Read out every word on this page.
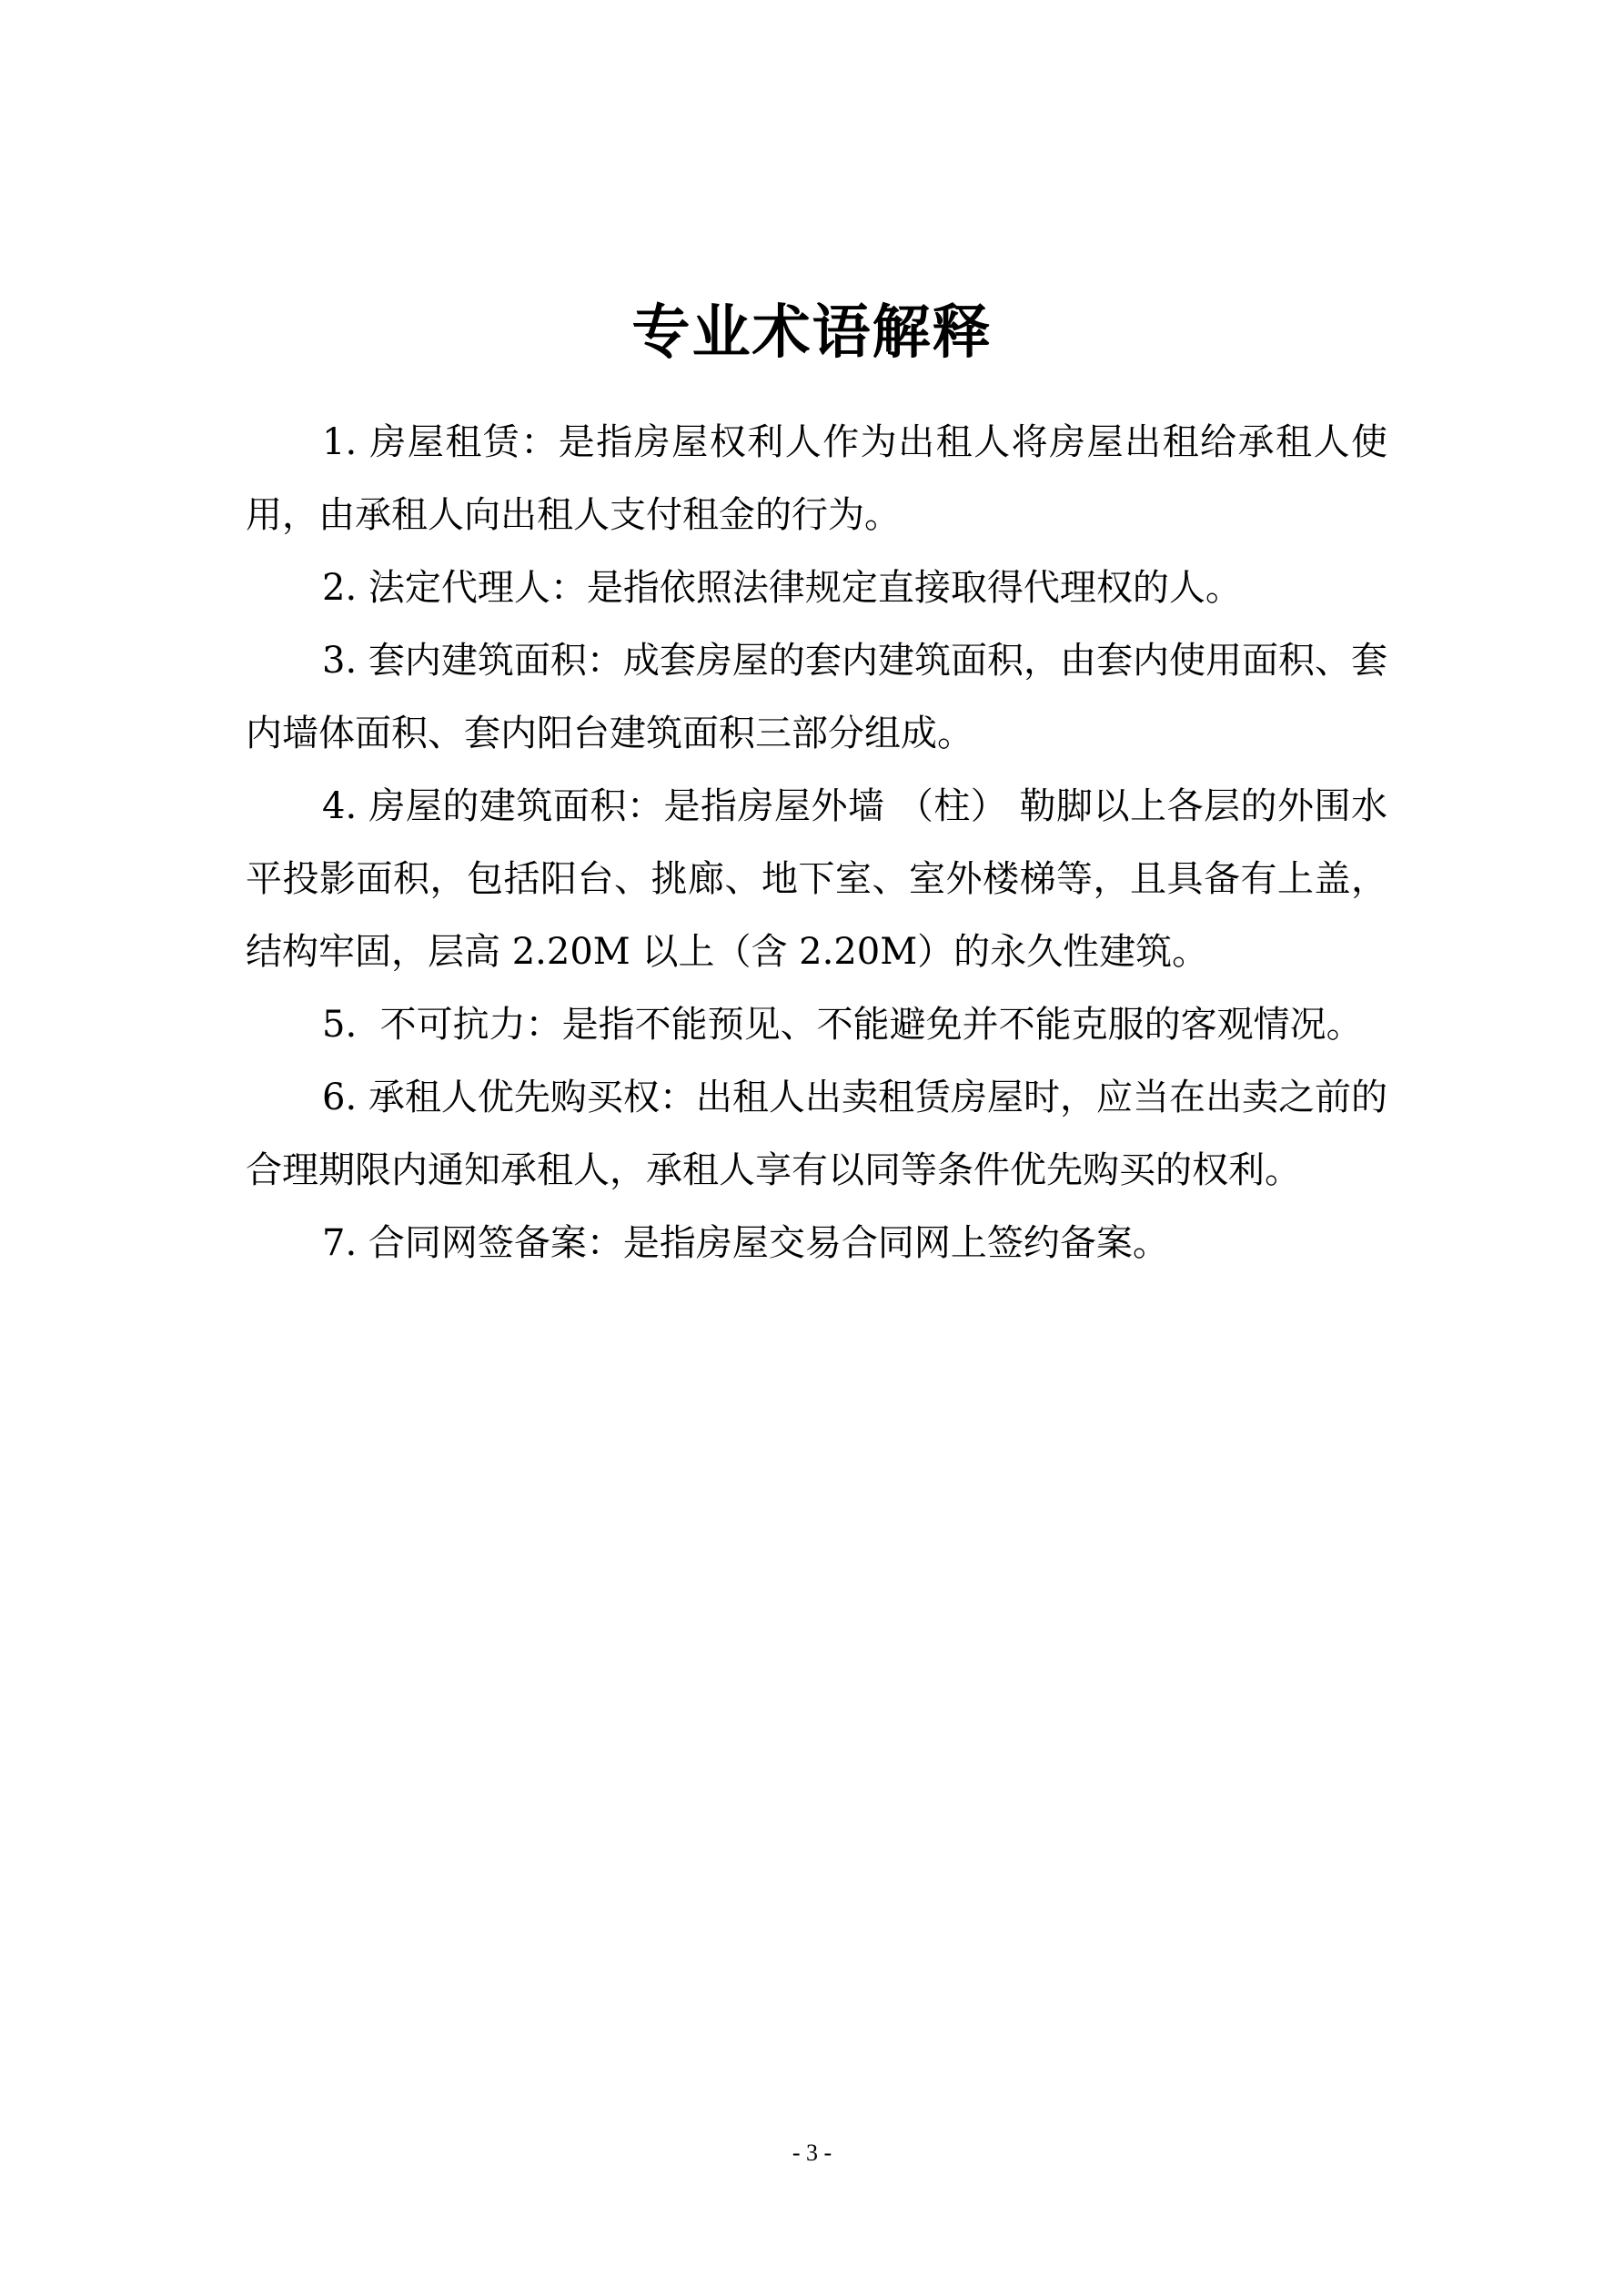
专业术语解释

1. 房屋租赁：是指房屋权利人作为出租人将房屋出租给承租人使用，由承租人向出租人支付租金的行为。

2. 法定代理人：是指依照法律规定直接取得代理权的人。

3. 套内建筑面积：成套房屋的套内建筑面积，由套内使用面积、套内墙体面积、套内阳台建筑面积三部分组成。

4. 房屋的建筑面积：是指房屋外墙 （柱） 勒脚以上各层的外围水平投影面积，包括阳台、挑廊、地下室、室外楼梯等，且具备有上盖，结构牢固，层高 2.20M 以上（含 2.20M）的永久性建筑。

5.  不可抗力：是指不能预见、不能避免并不能克服的客观情况。

6. 承租人优先购买权：出租人出卖租赁房屋时，应当在出卖之前的合理期限内通知承租人，承租人享有以同等条件优先购买的权利。

7. 合同网签备案：是指房屋交易合同网上签约备案。

- 3 -
